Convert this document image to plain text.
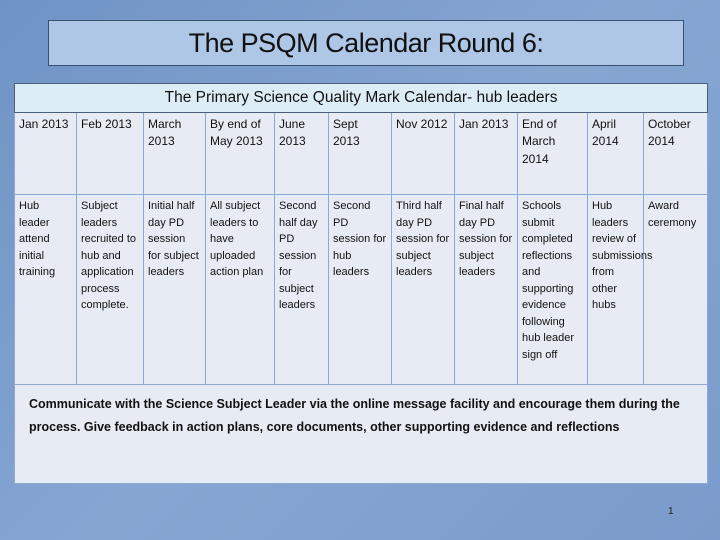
The PSQM Calendar Round 6:
The Primary Science Quality Mark Calendar- hub leaders										
Jan 2013	Feb 2013	March 2013	By end of May 2013	June 2013	Sept 2013	Nov 2012	Jan 2013	End of March 2014	April 2014	October 2014
Hub leader attend initial training	Subject leaders recruited to hub and application process complete.	Initial half day PD session for subject leaders	All subject leaders to have uploaded action plan	Second half day PD session for subject leaders	Second PD session for hub leaders	Third half day PD session for subject leaders	Final half day PD session for subject leaders	Schools submit completed reflections and supporting evidence following hub leader sign off	Hub leaders review of submissions from other hubs	Award ceremony
Communicate with the Science Subject Leader via the online message facility and encourage them during the process. Give feedback in action plans, core documents, other supporting evidence and reflections										
1
